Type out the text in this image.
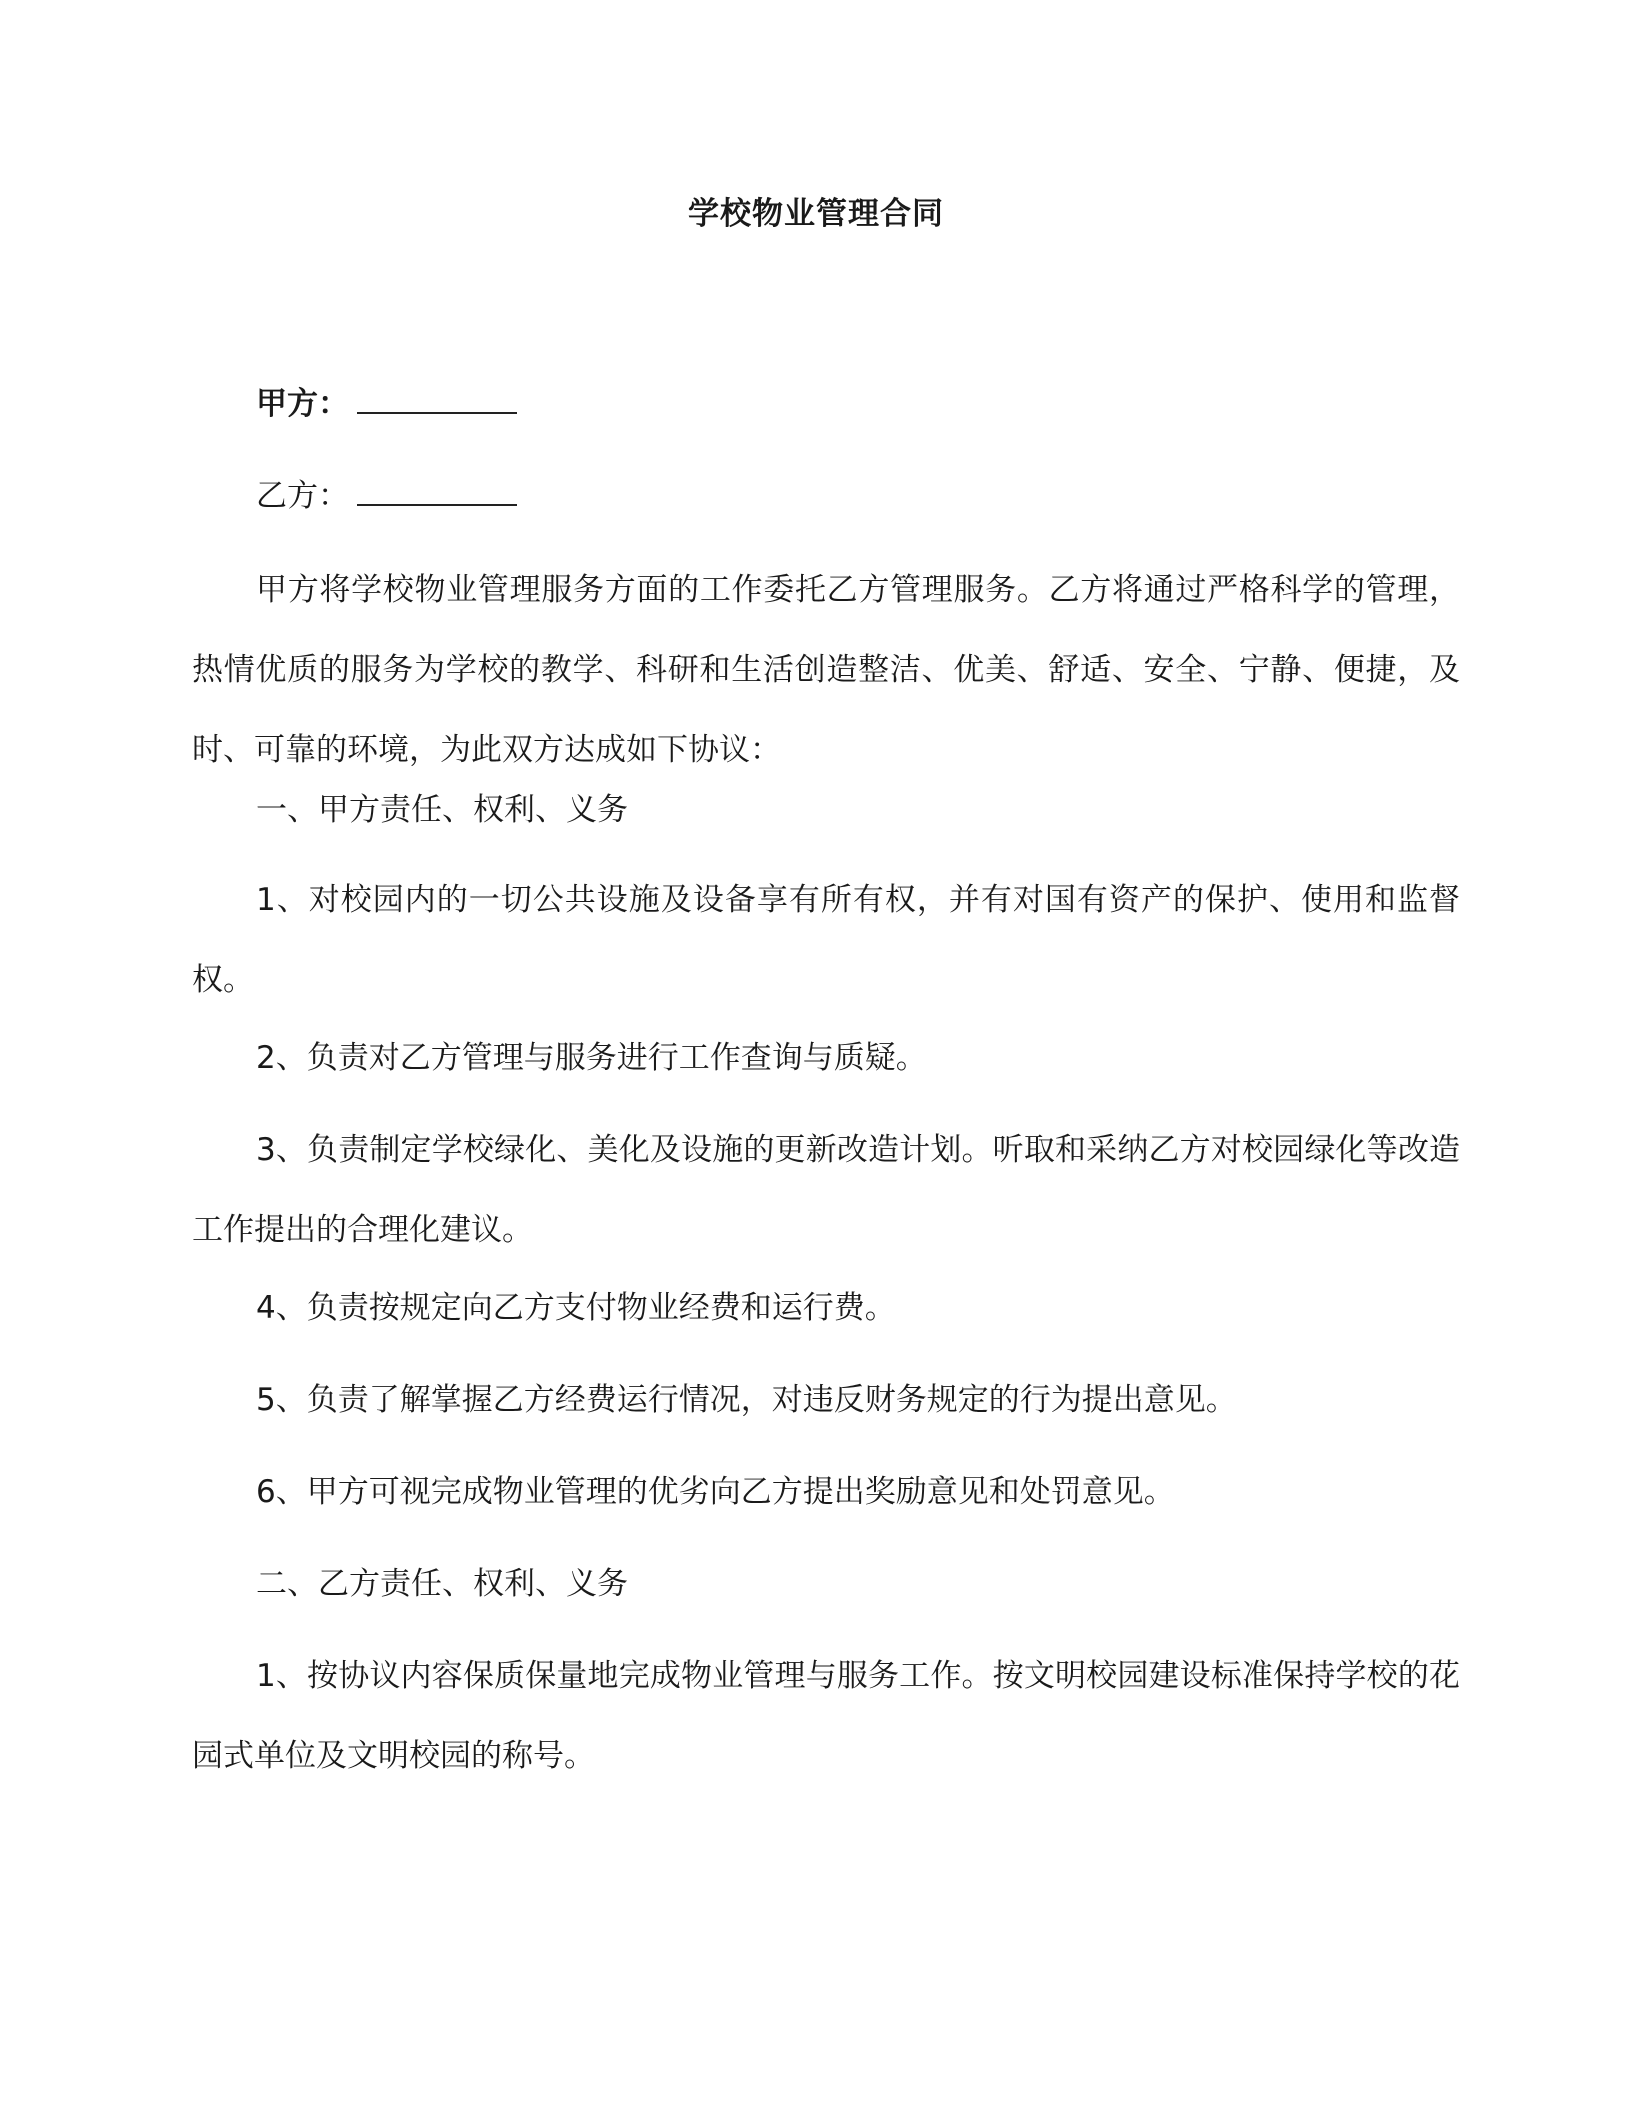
学校物业管理合同
甲方：
乙方：

甲方将学校物业管理服务方面的工作委托乙方管理服务。乙方将通过严格科学的管理，热情优质的服务为学校的教学、科研和生活创造整洁、优美、舒适、安全、宁静、便捷，及时、可靠的环境，为此双方达成如下协议：

一、甲方责任、权利、义务

1、对校园内的一切公共设施及设备享有所有权，并有对国有资产的保护、使用和监督权。

2、负责对乙方管理与服务进行工作查询与质疑。

3、负责制定学校绿化、美化及设施的更新改造计划。听取和采纳乙方对校园绿化等改造工作提出的合理化建议。

4、负责按规定向乙方支付物业经费和运行费。

5、负责了解掌握乙方经费运行情况，对违反财务规定的行为提出意见。

6、甲方可视完成物业管理的优劣向乙方提出奖励意见和处罚意见。

二、乙方责任、权利、义务

1、按协议内容保质保量地完成物业管理与服务工作。按文明校园建设标准保持学校的花园式单位及文明校园的称号。
